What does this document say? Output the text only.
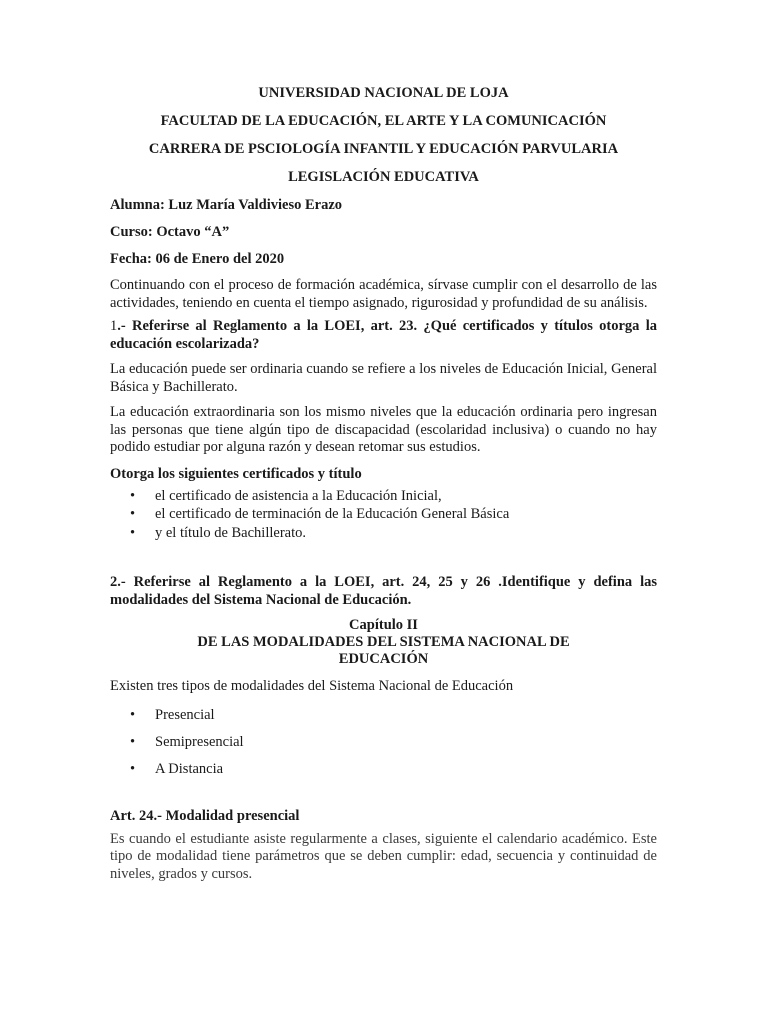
UNIVERSIDAD NACIONAL DE LOJA
FACULTAD DE LA EDUCACIÓN, EL ARTE Y LA COMUNICACIÓN
CARRERA DE PSCIOLOGÍA INFANTIL Y EDUCACIÓN PARVULARIA
LEGISLACIÓN EDUCATIVA
Alumna: Luz María Valdivieso Erazo
Curso: Octavo “A”
Fecha: 06 de Enero del 2020

Continuando con el proceso de formación académica, sírvase cumplir con el desarrollo de las actividades, teniendo en cuenta el tiempo asignado, rigurosidad y profundidad de su análisis.

1.- Referirse al Reglamento a la LOEI, art. 23. ¿Qué certificados y títulos otorga la educación escolarizada?

La educación puede ser ordinaria cuando se refiere a los niveles de Educación Inicial, General Básica y Bachillerato.

La educación extraordinaria son los mismo niveles que la educación ordinaria pero ingresan las personas que tiene algún tipo de discapacidad (escolaridad inclusiva) o cuando no hay podido estudiar por alguna razón y desean retomar sus estudios.

Otorga los siguientes certificados y título
• el certificado de asistencia a la Educación Inicial,
• el certificado de terminación de la Educación General Básica
• y el título de Bachillerato.

2.- Referirse al Reglamento a la LOEI, art. 24, 25 y 26 .Identifique y defina las modalidades del Sistema Nacional de Educación.

Capítulo II
DE LAS MODALIDADES DEL SISTEMA NACIONAL DE
EDUCACIÓN

Existen tres tipos de modalidades del Sistema Nacional de Educación

• Presencial
• Semipresencial
• A Distancia
Art. 24.- Modalidad presencial

Es cuando el estudiante asiste regularmente a clases, siguiente el calendario académico. Este tipo de modalidad tiene parámetros que se deben cumplir: edad, secuencia y continuidad de niveles, grados y cursos.
